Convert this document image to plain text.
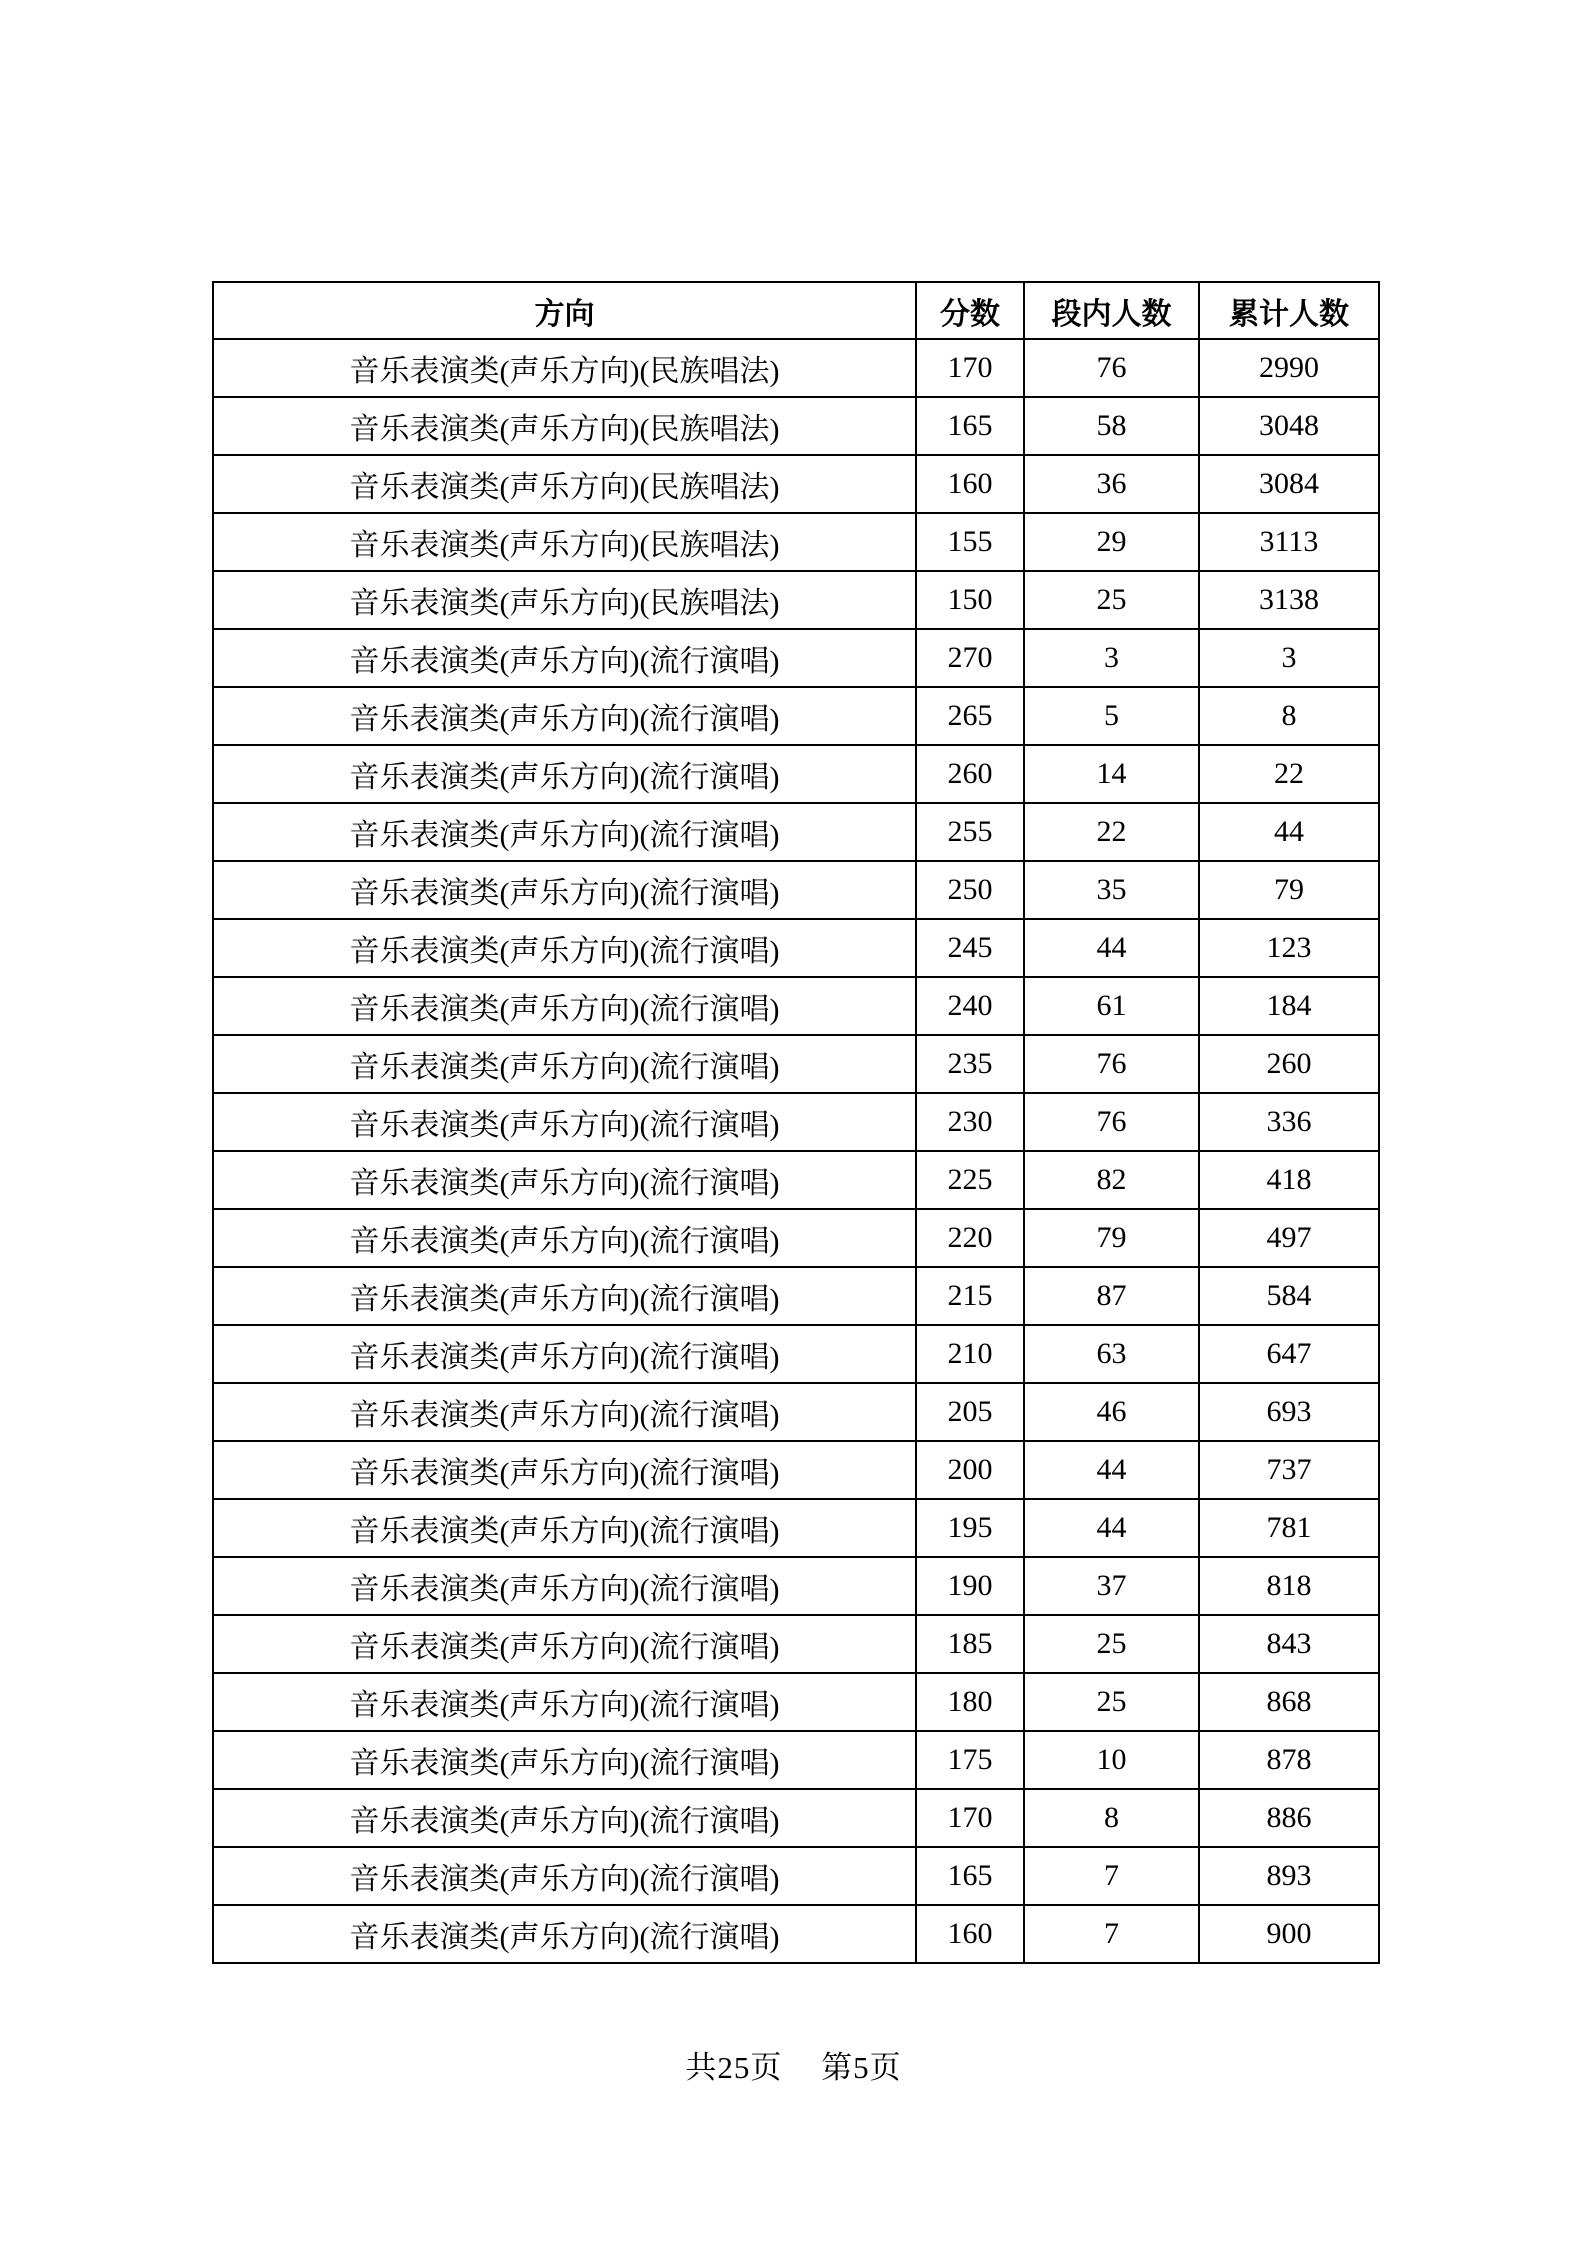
方向	分数	段内人数	累计人数
音乐表演类(声乐方向)(民族唱法)	170	76	2990
音乐表演类(声乐方向)(民族唱法)	165	58	3048
音乐表演类(声乐方向)(民族唱法)	160	36	3084
音乐表演类(声乐方向)(民族唱法)	155	29	3113
音乐表演类(声乐方向)(民族唱法)	150	25	3138
音乐表演类(声乐方向)(流行演唱)	270	3	3
音乐表演类(声乐方向)(流行演唱)	265	5	8
音乐表演类(声乐方向)(流行演唱)	260	14	22
音乐表演类(声乐方向)(流行演唱)	255	22	44
音乐表演类(声乐方向)(流行演唱)	250	35	79
音乐表演类(声乐方向)(流行演唱)	245	44	123
音乐表演类(声乐方向)(流行演唱)	240	61	184
音乐表演类(声乐方向)(流行演唱)	235	76	260
音乐表演类(声乐方向)(流行演唱)	230	76	336
音乐表演类(声乐方向)(流行演唱)	225	82	418
音乐表演类(声乐方向)(流行演唱)	220	79	497
音乐表演类(声乐方向)(流行演唱)	215	87	584
音乐表演类(声乐方向)(流行演唱)	210	63	647
音乐表演类(声乐方向)(流行演唱)	205	46	693
音乐表演类(声乐方向)(流行演唱)	200	44	737
音乐表演类(声乐方向)(流行演唱)	195	44	781
音乐表演类(声乐方向)(流行演唱)	190	37	818
音乐表演类(声乐方向)(流行演唱)	185	25	843
音乐表演类(声乐方向)(流行演唱)	180	25	868
音乐表演类(声乐方向)(流行演唱)	175	10	878
音乐表演类(声乐方向)(流行演唱)	170	8	886
音乐表演类(声乐方向)(流行演唱)	165	7	893
音乐表演类(声乐方向)(流行演唱)	160	7	900
共25页 第5页
